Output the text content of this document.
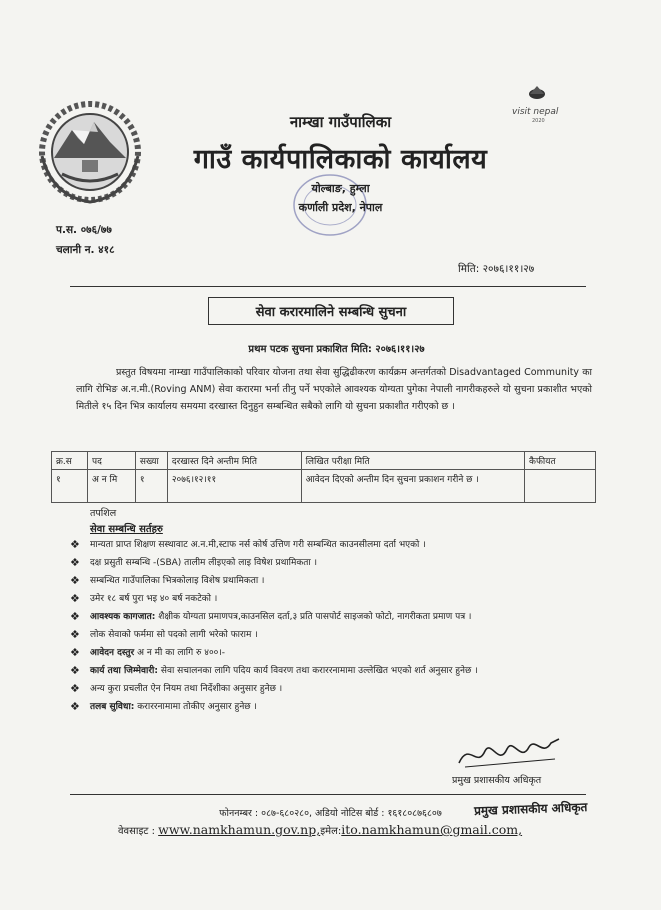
visit nepal
2020
नाम्खा गाउँपालिका
गाउँ कार्यपालिकाको कार्यालय
योल्बाङ, हुम्ला
कर्णाली प्रदेश, नेपाल
प.स. ०७६/७७
चलानी न. ४१८
मिति: २०७६।११।२७
सेवा करारमालिने सम्बन्धि सुचना
प्रथम पटक सुचना प्रकाशित मिति: २०७६।११।२७
प्रस्तुत विषयमा नाम्खा गाउँपालिकाको परिवार योजना तथा सेवा सुद्धिढीकरण कार्यक्रम अन्तर्गतको Disadvantaged Community का लागि रोभिङ अ.न.मी.(Roving ANM) सेवा करारमा भर्ना तीनु पर्ने भएकोले आवश्यक योग्यता पुगेका नेपाली नागरीकहरुले यो सुचना प्रकाशीत भएको मितीले १५ दिन भित्र कार्यालय समयमा दरखास्त दिनुहुन सम्बन्धित सबैको लागि यो सुचना प्रकाशीत गरीएको छ ।
क्र.स	पद	सख्या	दरखास्त दिने अन्तीम मिति	लिखित परीक्षा मिति	कैफीयत
१	अ न मि	१	२०७६।१२।११	आवेदन दिएको अन्तीम दिन सुचना प्रकाशन गरीने छ ।	
तपशिल
सेवा सम्बन्धि सर्तहरु
❖ मान्यता प्राप्त शिक्षण सस्थावाट अ.न.मी,स्टाफ नर्स कोर्ष उत्तिण गरी सम्बन्धित काउनसीलमा दर्ता भएको ।
❖ दक्ष प्रसुती सम्बन्धि -(SBA) तालीम लीइएको लाइ विषेश प्रथामिकता ।
❖ सम्बन्धित गाउँपालिका भित्रकोलाइ विशेष प्रथामिकता ।
❖ उमेर १८ बर्ष पुरा भइ ४० बर्ष नकटेको ।
❖ आवश्यक कागजात: शैक्षीक योग्यता प्रमाणपत्र,काउनसिल दर्ता,३ प्रति पासपोर्ट साइजको फोटो, नागरीकता प्रमाण पत्र ।
❖ लोक सेवाको फर्ममा सो पदको लागी भरेको फाराम ।
❖ आवेदन दस्तुर अ न मी का लागि रु ४००।-
❖ कार्य तथा जिम्मेवारी: सेवा सचालनका लागि पदिय कार्य विवरण तथा कराररनामामा उल्लेखित भएको शर्त अनुसार हुनेछ ।
❖ अन्य कुरा प्रचलीत ऐन नियम तथा निर्देशीका अनुसार हुनेछ ।
❖ तलब सुविधा: कराररनामामा तोकीए अनुसार हुनेछ ।
प्रमुख प्रशासकीय अधिकृत
फोननम्बर : ०८७-६८०२८०, अडियो नोटिस बोर्ड : १६१८०८७६८०७	प्रमुख प्रशासकीय अधिकृत
वेवसाइट : www.namkhamun.gov.np,इमेल:ito.namkhamun@gmail.com,
